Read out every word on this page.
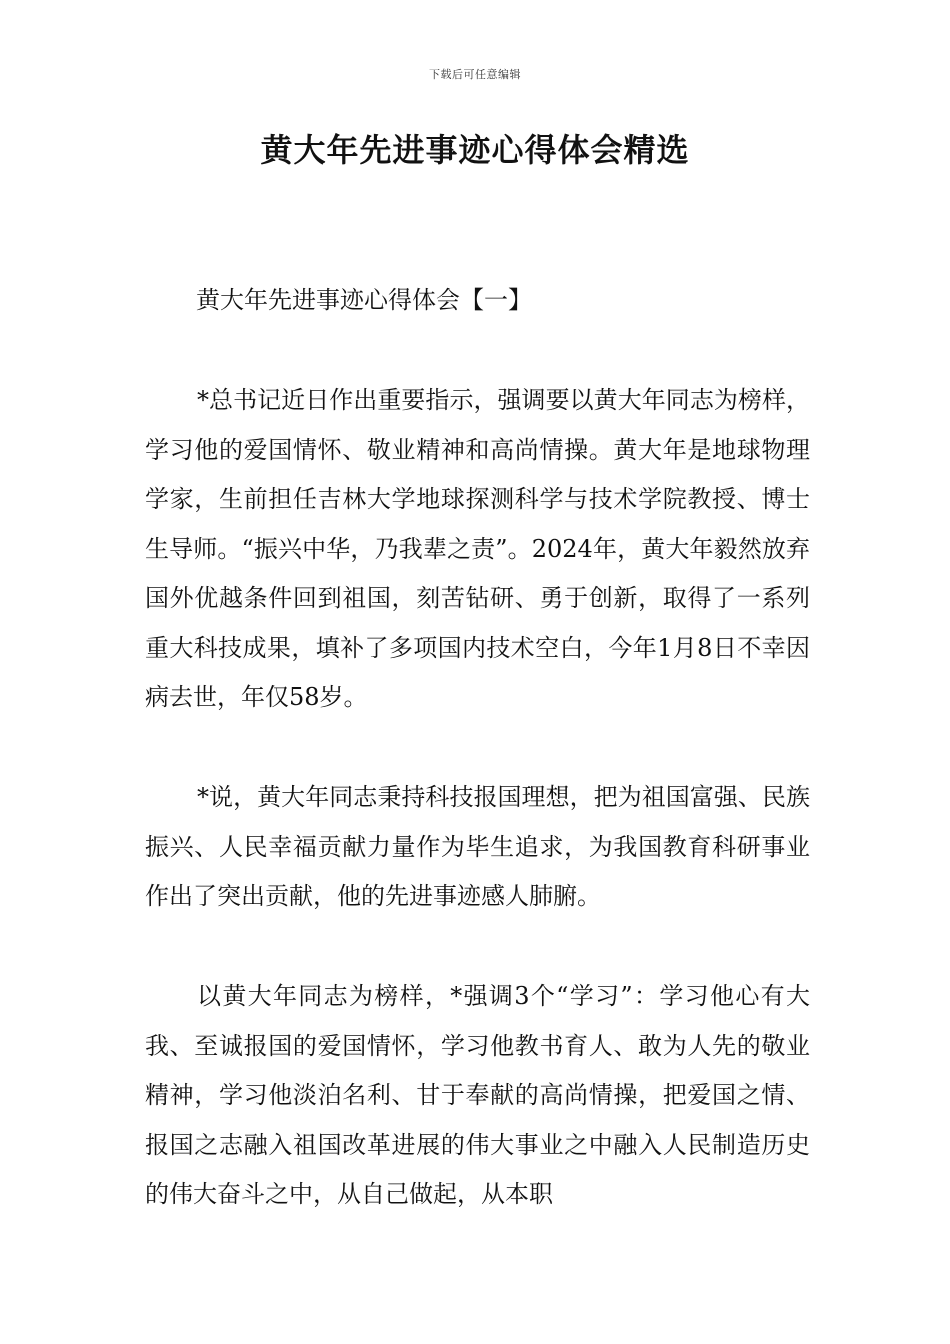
下载后可任意编辑
黄大年先进事迹心得体会精选
黄大年先进事迹心得体会【一】

*总书记近日作出重要指示，强调要以黄大年同志为榜样，学习他的爱国情怀、敬业精神和高尚情操。黄大年是地球物理学家，生前担任吉林大学地球探测科学与技术学院教授、博士生导师。“振兴中华，乃我辈之责”。2024年，黄大年毅然放弃国外优越条件回到祖国，刻苦钻研、勇于创新，取得了一系列重大科技成果，填补了多项国内技术空白，今年1月8日不幸因病去世，年仅58岁。

*说，黄大年同志秉持科技报国理想，把为祖国富强、民族振兴、人民幸福贡献力量作为毕生追求，为我国教育科研事业作出了突出贡献，他的先进事迹感人肺腑。

以黄大年同志为榜样，*强调3个“学习”：学习他心有大我、至诚报国的爱国情怀，学习他教书育人、敢为人先的敬业精神，学习他淡泊名利、甘于奉献的高尚情操，把爱国之情、报国之志融入祖国改革进展的伟大事业之中融入人民制造历史的伟大奋斗之中，从自己做起，从本职
